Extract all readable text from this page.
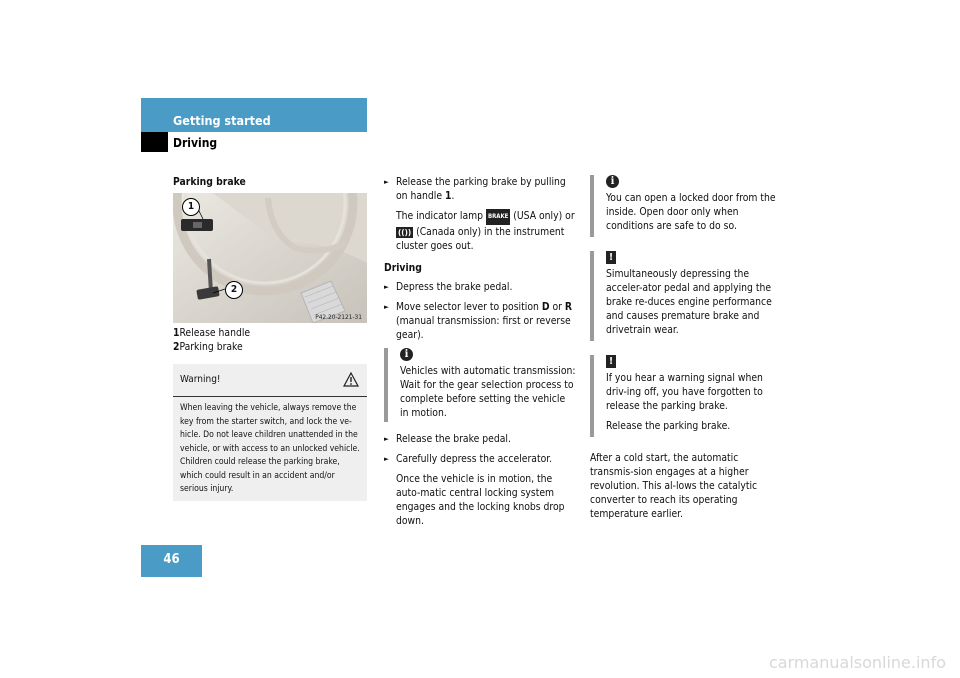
Getting started
Driving
Parking brake
1
2
P42.20-2121-31
1Release handle
2Parking brake
Warning!
When leaving the vehicle, always remove the key from the starter switch, and lock the ve-hicle. Do not leave children unattended in the vehicle, or with access to an unlocked vehicle. Children could release the parking brake, which could result in an accident and/or serious injury.
► Release the parking brake by pulling on handle 1.
The indicator lamp BRAKE (USA only) or (()) (Canada only) in the instrument cluster goes out.
Driving
► Depress the brake pedal.
► Move selector lever to position D or R (manual transmission: first or reverse gear).
i
Vehicles with automatic transmission: Wait for the gear selection process to complete before setting the vehicle in motion.
► Release the brake pedal.
► Carefully depress the accelerator.
Once the vehicle is in motion, the auto-matic central locking system engages and the locking knobs drop down.
i
You can open a locked door from the inside. Open door only when conditions are safe to do so.
!
Simultaneously depressing the acceler-ator pedal and applying the brake re-duces engine performance and causes premature brake and drivetrain wear.
!
If you hear a warning signal when driv-ing off, you have forgotten to release the parking brake.
Release the parking brake.
After a cold start, the automatic transmis-sion engages at a higher revolution. This al-lows the catalytic converter to reach its operating temperature earlier.
46
carmanualsonline.info
